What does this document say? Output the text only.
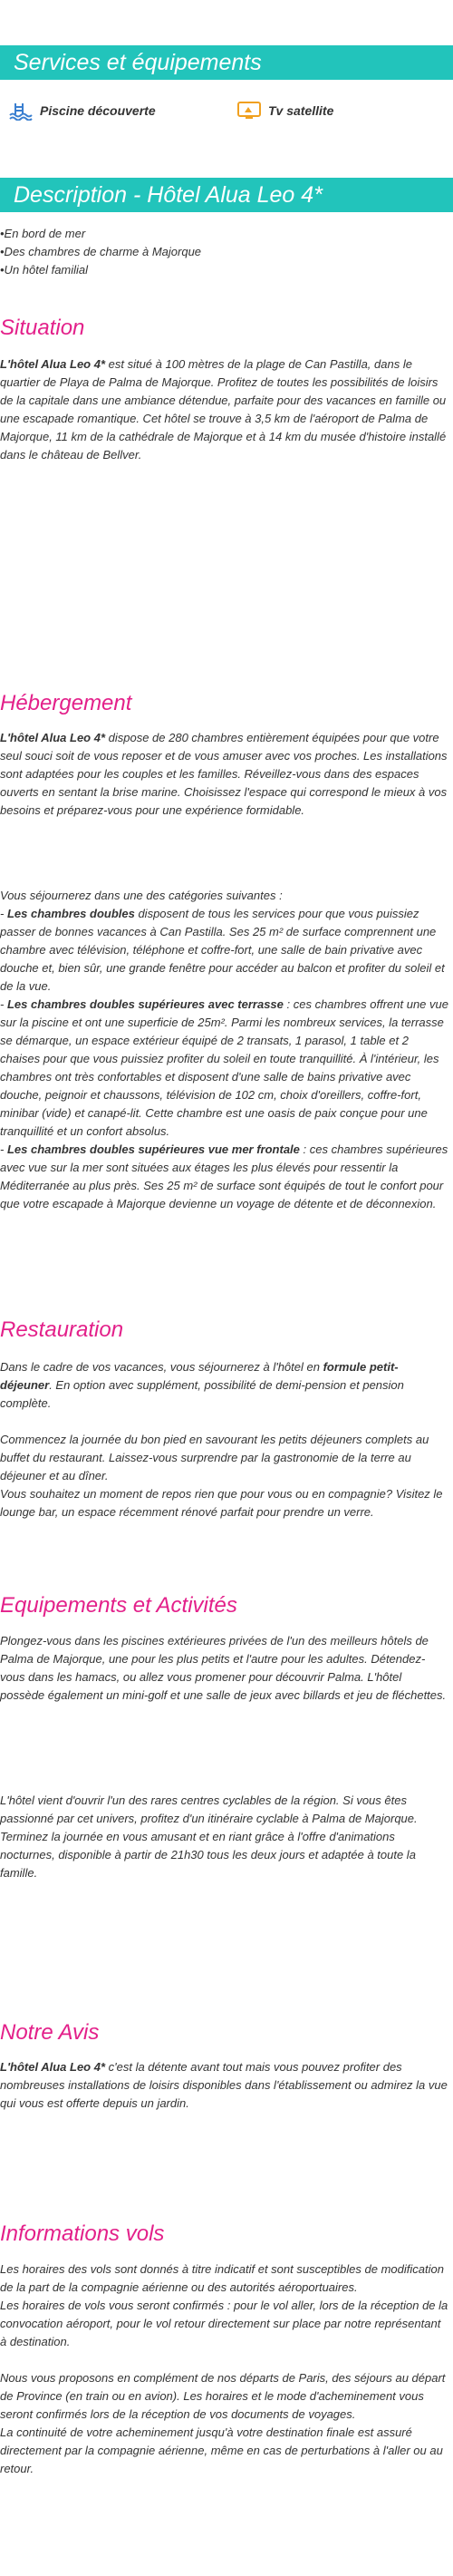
Services et équipements
Piscine découverte	Tv satellite
Description - Hôtel Alua Leo 4*
•En bord de mer
•Des chambres de charme à Majorque
•Un hôtel familial
Situation

L'hôtel Alua Leo 4* est situé à 100 mètres de la plage de Can Pastilla, dans le quartier de Playa de Palma de Majorque. Profitez de toutes les possibilités de loisirs de la capitale dans une ambiance détendue, parfaite pour des vacances en famille ou une escapade romantique. Cet hôtel se trouve à 3,5 km de l'aéroport de Palma de Majorque, 11 km de la cathédrale de Majorque et à 14 km du musée d'histoire installé dans le château de Bellver.

Hébergement

L'hôtel Alua Leo 4* dispose de 280 chambres entièrement équipées pour que votre seul souci soit de vous reposer et de vous amuser avec vos proches. Les installations sont adaptées pour les couples et les familles. Réveillez-vous dans des espaces ouverts en sentant la brise marine. Choisissez l'espace qui correspond le mieux à vos besoins et préparez-vous pour une expérience formidable.

Vous séjournerez dans une des catégories suivantes :
- Les chambres doubles disposent de tous les services pour que vous puissiez passer de bonnes vacances à Can Pastilla. Ses 25 m² de surface comprennent une chambre avec télévision, téléphone et coffre-fort, une salle de bain privative avec douche et, bien sûr, une grande fenêtre pour accéder au balcon et profiter du soleil et de la vue.
- Les chambres doubles supérieures avec terrasse : ces chambres offrent une vue sur la piscine et ont une superficie de 25m². Parmi les nombreux services, la terrasse se démarque, un espace extérieur équipé de 2 transats, 1 parasol, 1 table et 2 chaises pour que vous puissiez profiter du soleil en toute tranquillité. À l'intérieur, les chambres ont très confortables et disposent d'une salle de bains privative avec douche, peignoir et chaussons, télévision de 102 cm, choix d'oreillers, coffre-fort, minibar (vide) et canapé-lit. Cette chambre est une oasis de paix conçue pour une tranquillité et un confort absolus.
- Les chambres doubles supérieures vue mer frontale : ces chambres supérieures avec vue sur la mer sont situées aux étages les plus élevés pour ressentir la Méditerranée au plus près. Ses 25 m² de surface sont équipés de tout le confort pour que votre escapade à Majorque devienne un voyage de détente et de déconnexion.
Restauration

Dans le cadre de vos vacances, vous séjournerez à l'hôtel en formule petit-déjeuner. En option avec supplément, possibilité de demi-pension et pension complète.

Commencez la journée du bon pied en savourant les petits déjeuners complets au buffet du restaurant. Laissez-vous surprendre par la gastronomie de la terre au déjeuner et au dîner.

Vous souhaitez un moment de repos rien que pour vous ou en compagnie? Visitez le lounge bar, un espace récemment rénové parfait pour prendre un verre.

Equipements et Activités

Plongez-vous dans les piscines extérieures privées de l'un des meilleurs hôtels de Palma de Majorque, une pour les plus petits et l'autre pour les adultes. Détendez-vous dans les hamacs, ou allez vous promener pour découvrir Palma. L'hôtel possède également un mini-golf et une salle de jeux avec billards et jeu de fléchettes.

L'hôtel vient d'ouvrir l'un des rares centres cyclables de la région. Si vous êtes passionné par cet univers, profitez d'un itinéraire cyclable à Palma de Majorque.

Terminez la journée en vous amusant et en riant grâce à l'offre d'animations nocturnes, disponible à partir de 21h30 tous les deux jours et adaptée à toute la famille.

Notre Avis

L'hôtel Alua Leo 4* c'est la détente avant tout mais vous pouvez profiter des nombreuses installations de loisirs disponibles dans l'établissement ou admirez la vue qui vous est offerte depuis un jardin.

Informations vols

Les horaires des vols sont donnés à titre indicatif et sont susceptibles de modification de la part de la compagnie aérienne ou des autorités aéroportuaires.

Les horaires de vols vous seront confirmés : pour le vol aller, lors de la réception de la convocation aéroport, pour le vol retour directement sur place par notre représentant à destination.

Nous vous proposons en complément de nos départs de Paris, des séjours au départ de Province (en train ou en avion). Les horaires et le mode d'acheminement vous seront confirmés lors de la réception de vos documents de voyages.

La continuité de votre acheminement jusqu'à votre destination finale est assuré directement par la compagnie aérienne, même en cas de perturbations à l'aller ou au retour.
